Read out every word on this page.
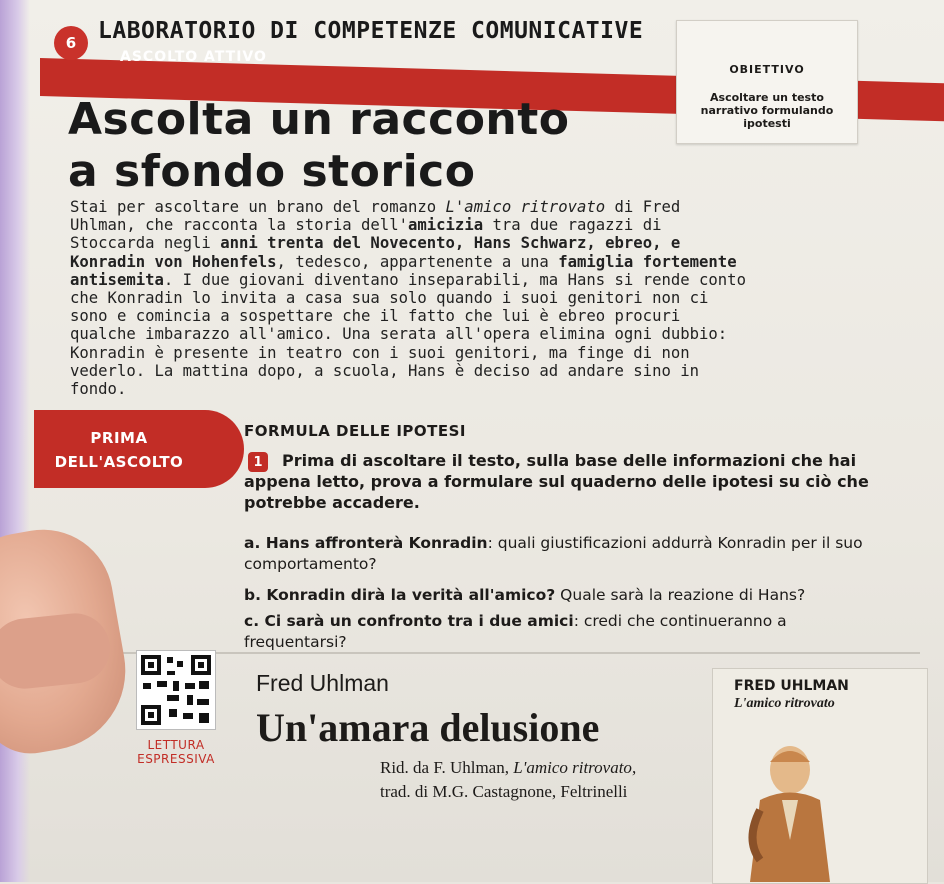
6 LABORATORIO DI COMPETENZE COMUNICATIVE
ASCOLTO ATTIVO
OBIETTIVO
Ascoltare un testo narrativo formulando ipotesti
Ascolta un racconto
a sfondo storico
Stai per ascoltare un brano del romanzo L'amico ritrovato di Fred Uhlman, che racconta la storia dell'amicizia tra due ragazzi di Stoccarda negli anni trenta del Novecento, Hans Schwarz, ebreo, e Konradin von Hohenfels, tedesco, appartenente a una famiglia fortemente antisemita. I due giovani diventano inseparabili, ma Hans si rende conto che Konradin lo invita a casa sua solo quando i suoi genitori non ci sono e comincia a sospettare che il fatto che lui è ebreo procuri qualche imbarazzo all'amico. Una serata all'opera elimina ogni dubbio: Konradin è presente in teatro con i suoi genitori, ma finge di non vederlo. La mattina dopo, a scuola, Hans è deciso ad andare sino in fondo.
PRIMA
DELL'ASCOLTO
FORMULA DELLE IPOTESI
Prima di ascoltare il testo, sulla base delle informazioni che hai appena letto, prova a formulare sul quaderno delle ipotesi su ciò che potrebbe accadere.
1
a. Hans affronterà Konradin: quali giustificazioni addurrà Konradin per il suo comportamento?
b. Konradin dirà la verità all'amico? Quale sarà la reazione di Hans?
c. Ci sarà un confronto tra i due amici: credi che continueranno a frequentarsi?
LETTURA
ESPRESSIVA
Fred Uhlman
Un'amara delusione
Rid. da F. Uhlman, L'amico ritrovato,
trad. di M.G. Castagnone, Feltrinelli
FRED UHLMAN
L'amico ritrovato
